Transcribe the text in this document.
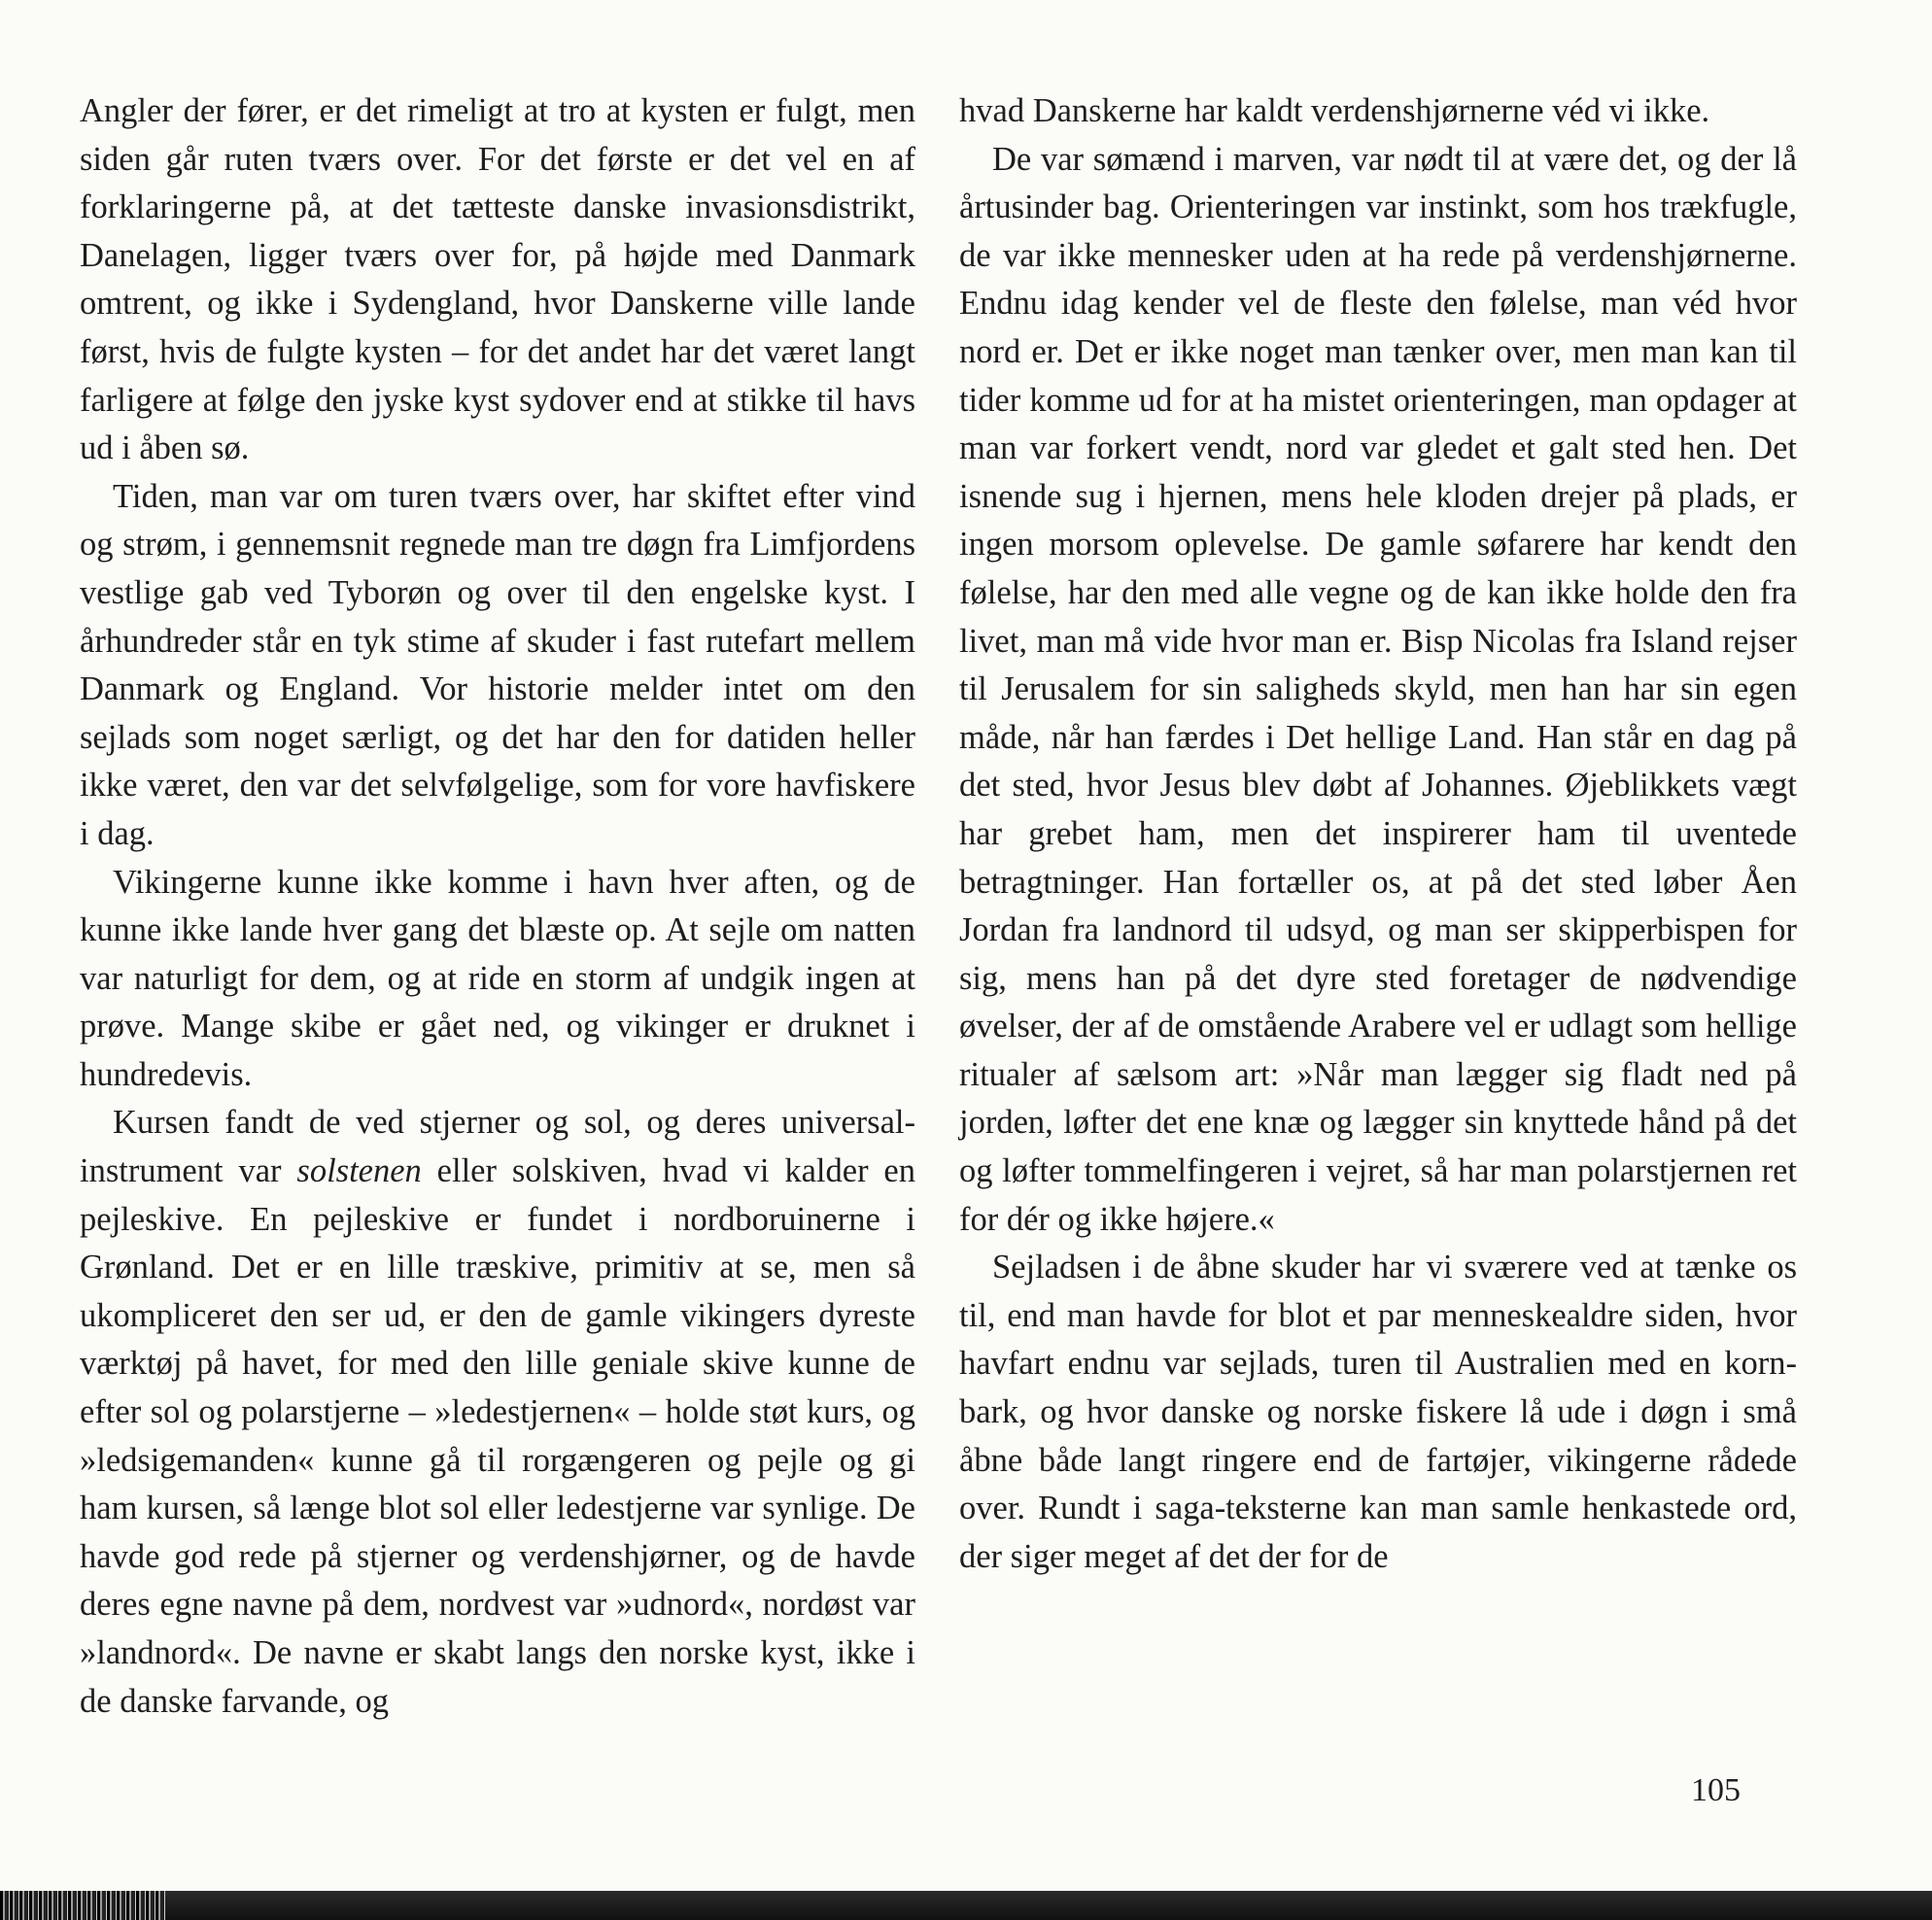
Angler der fører, er det rimeligt at tro at kysten er fulgt, men siden går ruten tværs over. For det første er det vel en af forklaringerne på, at det tætteste danske invasionsdistrikt, Danelagen, ligger tværs over for, på højde med Danmark omtrent, og ikke i Sydengland, hvor Danskerne ville lande først, hvis de fulgte kysten – for det andet har det været langt farligere at følge den jyske kyst sydover end at stikke til havs ud i åben sø.

Tiden, man var om turen tværs over, har skiftet efter vind og strøm, i gennemsnit regnede man tre døgn fra Limfjordens vestlige gab ved Tyborøn og over til den engelske kyst. I århundreder står en tyk stime af skuder i fast rutefart mellem Danmark og England. Vor historie melder intet om den sejlads som noget særligt, og det har den for datiden heller ikke været, den var det selvfølgelige, som for vore havfiskere i dag.

Vikingerne kunne ikke komme i havn hver aften, og de kunne ikke lande hver gang det blæste op. At sejle om natten var naturligt for dem, og at ride en storm af undgik ingen at prøve. Mange skibe er gået ned, og vikinger er druknet i hundredevis.

Kursen fandt de ved stjerner og sol, og deres universalinstrument var solstenen eller solskiven, hvad vi kalder en pejleskive. En pejleskive er fundet i nordboruinerne i Grønland. Det er en lille træskive, primitiv at se, men så ukompliceret den ser ud, er den de gamle vikingers dyreste værktøj på havet, for med den lille geniale skive kunne de efter sol og polarstjerne – »ledestjernen« – holde støt kurs, og »ledsigemanden« kunne gå til rorgængeren og pejle og gi ham kursen, så længe blot sol eller ledestjerne var synlige. De havde god rede på stjerner og verdenshjørner, og de havde deres egne navne på dem, nordvest var »udnord«, nordøst var »landnord«. De navne er skabt langs den norske kyst, ikke i de danske farvande, og

hvad Danskerne har kaldt verdenshjørnerne véd vi ikke.

De var sømænd i marven, var nødt til at være det, og der lå årtusinder bag. Orienteringen var instinkt, som hos trækfugle, de var ikke mennesker uden at ha rede på verdenshjørnerne. Endnu idag kender vel de fleste den følelse, man véd hvor nord er. Det er ikke noget man tænker over, men man kan til tider komme ud for at ha mistet orienteringen, man opdager at man var forkert vendt, nord var gledet et galt sted hen. Det isnende sug i hjernen, mens hele kloden drejer på plads, er ingen morsom oplevelse. De gamle søfarere har kendt den følelse, har den med alle vegne og de kan ikke holde den fra livet, man må vide hvor man er. Bisp Nicolas fra Island rejser til Jerusalem for sin saligheds skyld, men han har sin egen måde, når han færdes i Det hellige Land. Han står en dag på det sted, hvor Jesus blev døbt af Johannes. Øjeblikkets vægt har grebet ham, men det inspirerer ham til uventede betragtninger. Han fortæller os, at på det sted løber Åen Jordan fra landnord til udsyd, og man ser skipperbispen for sig, mens han på det dyre sted foretager de nødvendige øvelser, der af de omstående Arabere vel er udlagt som hellige ritualer af sælsom art: »Når man lægger sig fladt ned på jorden, løfter det ene knæ og lægger sin knyttede hånd på det og løfter tommelfingeren i vejret, så har man polarstjernen ret for dér og ikke højere.«

Sejladsen i de åbne skuder har vi sværere ved at tænke os til, end man havde for blot et par menneskealdre siden, hvor havfart endnu var sejlads, turen til Australien med en korn-bark, og hvor danske og norske fiskere lå ude i døgn i små åbne både langt ringere end de fartøjer, vikingerne rådede over. Rundt i saga-teksterne kan man samle henkastede ord, der siger meget af det der for de

105
